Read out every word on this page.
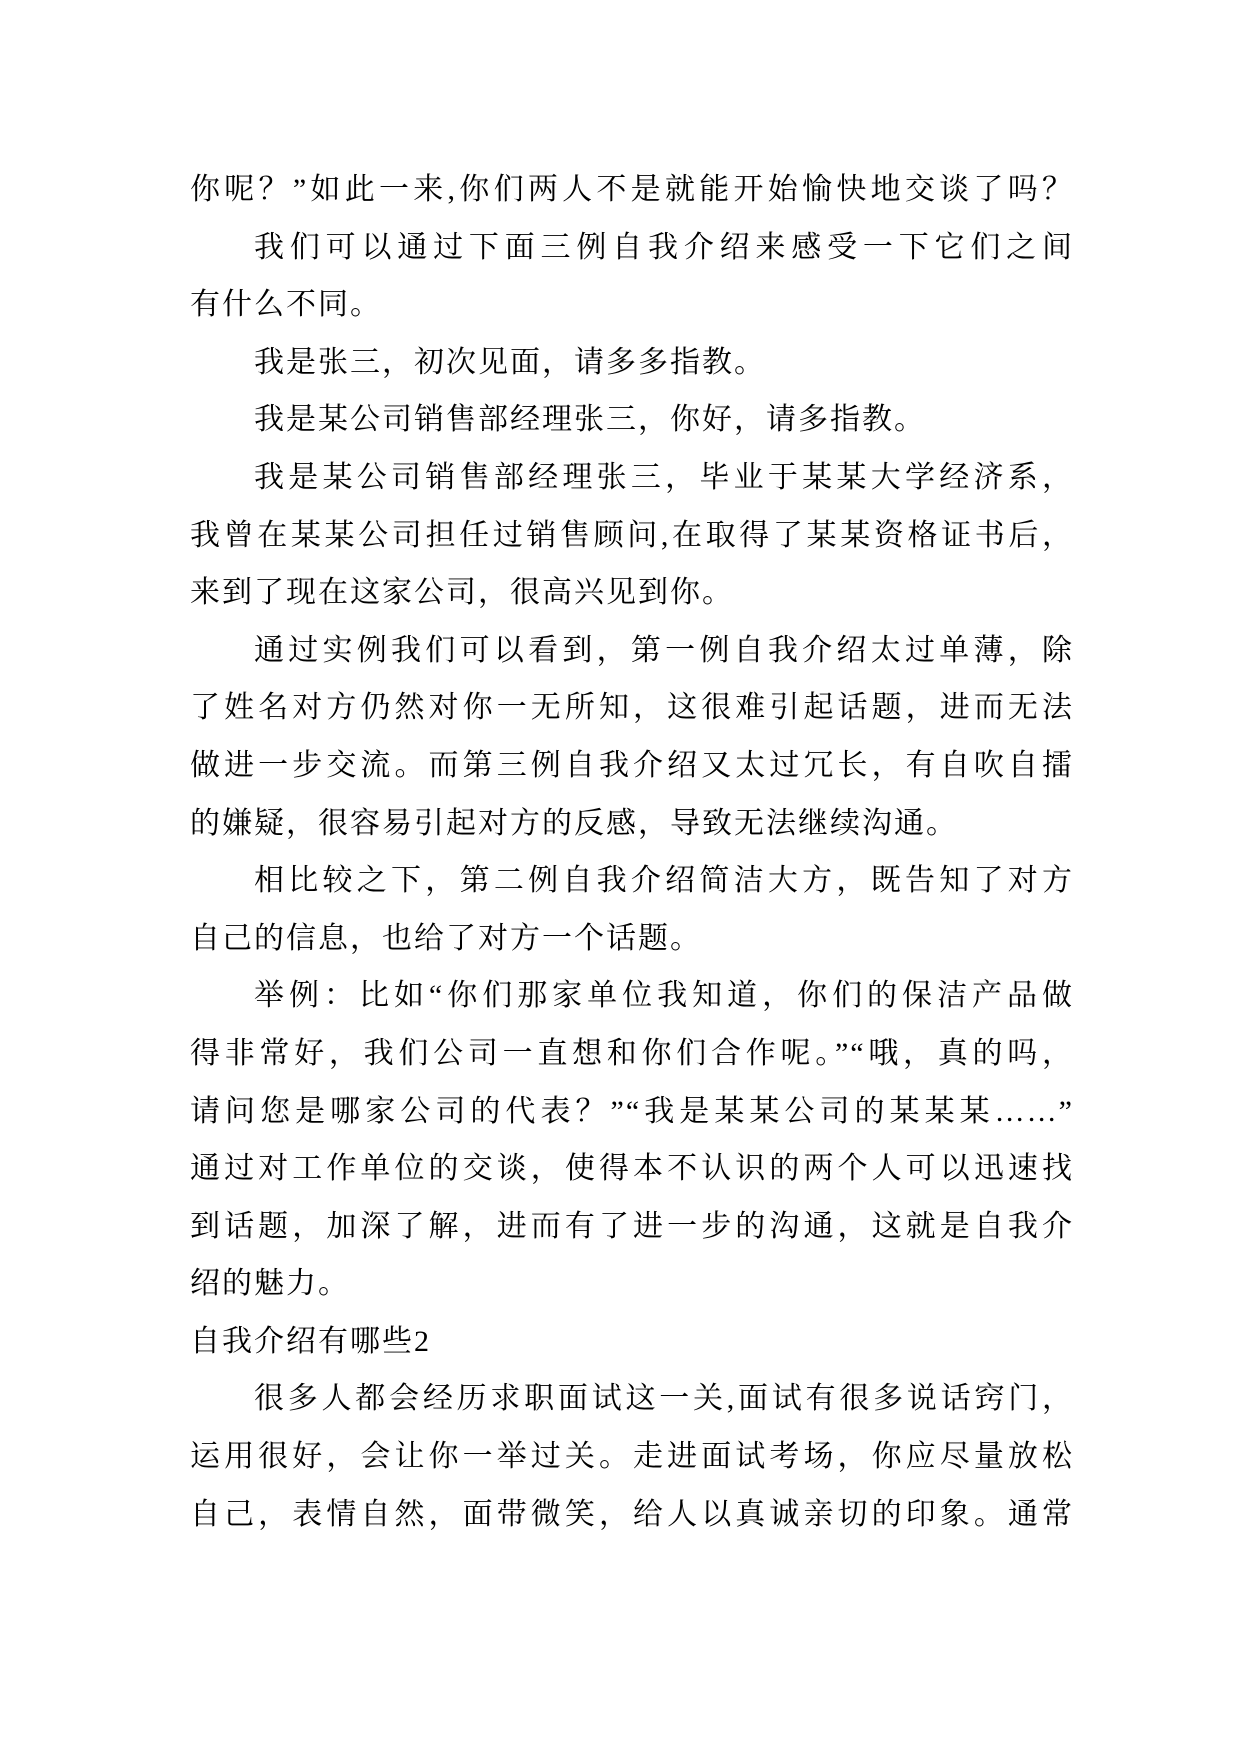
你呢？”如此一来,你们两人不是就能开始愉快地交谈了吗？
我们可以通过下面三例自我介绍来感受一下它们之间
有什么不同。
我是张三，初次见面，请多多指教。
我是某公司销售部经理张三，你好，请多指教。
我是某公司销售部经理张三，毕业于某某大学经济系，
我曾在某某公司担任过销售顾问,在取得了某某资格证书后，
来到了现在这家公司，很高兴见到你。
通过实例我们可以看到，第一例自我介绍太过单薄，除
了姓名对方仍然对你一无所知，这很难引起话题，进而无法
做进一步交流。而第三例自我介绍又太过冗长，有自吹自擂
的嫌疑，很容易引起对方的反感，导致无法继续沟通。
相比较之下，第二例自我介绍简洁大方，既告知了对方
自己的信息，也给了对方一个话题。
举例：比如“你们那家单位我知道，你们的保洁产品做
得非常好，我们公司一直想和你们合作呢。”“哦，真的吗，
请问您是哪家公司的代表？”“我是某某公司的某某某……”
通过对工作单位的交谈，使得本不认识的两个人可以迅速找
到话题，加深了解，进而有了进一步的沟通，这就是自我介
绍的魅力。
自我介绍有哪些2
很多人都会经历求职面试这一关,面试有很多说话窍门，
运用很好，会让你一举过关。走进面试考场，你应尽量放松
自己，表情自然，面带微笑，给人以真诚亲切的印象。通常
